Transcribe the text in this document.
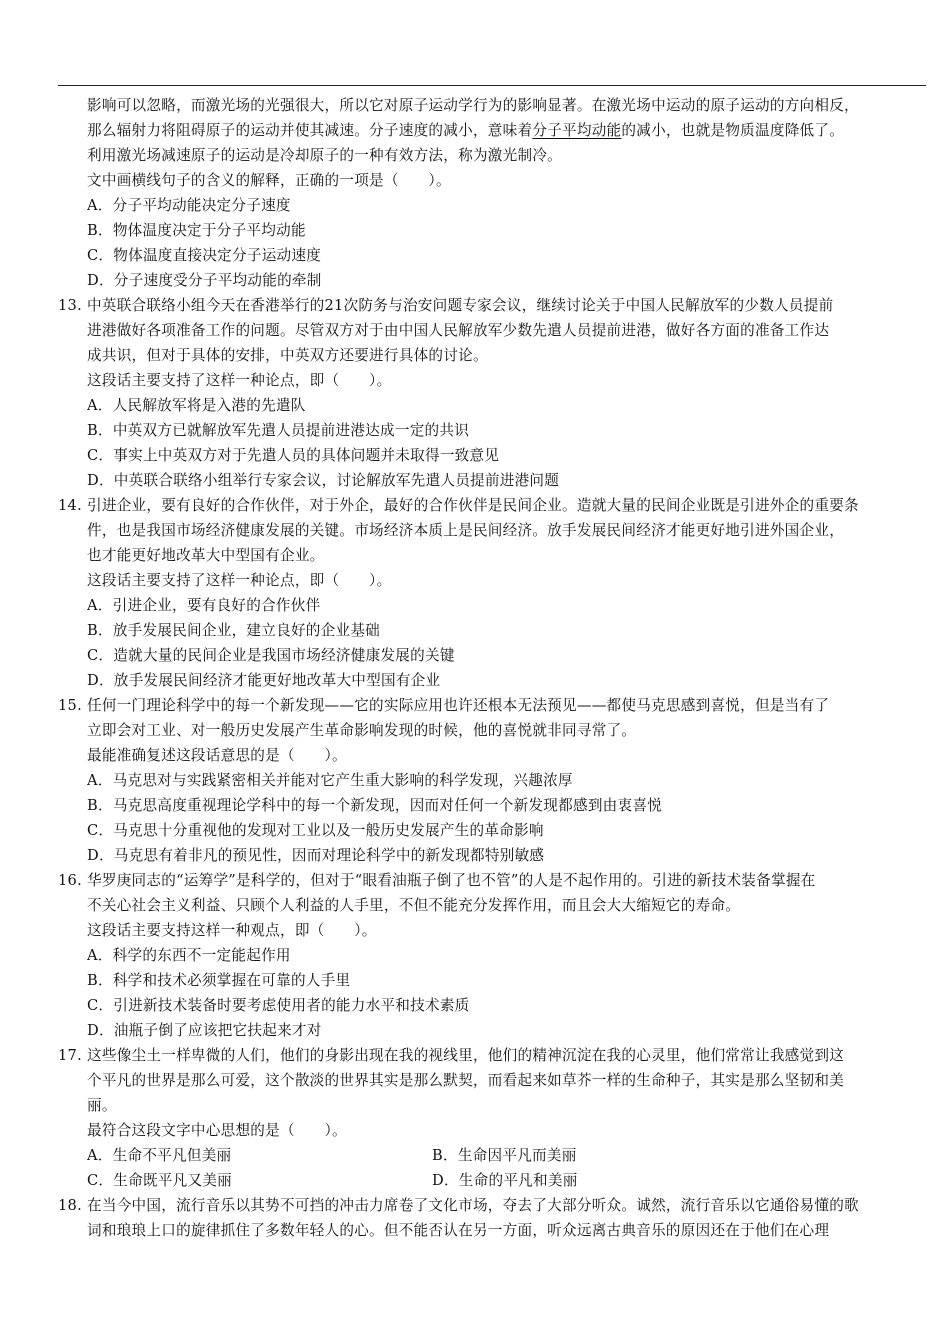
影响可以忽略，而激光场的光强很大，所以它对原子运动学行为的影响显著。在激光场中运动的原子运动的方向相反，
那么辐射力将阻碍原子的运动并使其减速。分子速度的减小，意味着分子平均动能的减小，也就是物质温度降低了。
利用激光场减速原子的运动是冷却原子的一种有效方法，称为激光制冷。
文中画横线句子的含义的解释，正确的一项是（　　）。
A．分子平均动能决定分子速度
B．物体温度决定于分子平均动能
C．物体温度直接决定分子运动速度
D．分子速度受分子平均动能的牵制
13. 中英联合联络小组今天在香港举行的21次防务与治安问题专家会议，继续讨论关于中国人民解放军的少数人员提前
进港做好各项准备工作的问题。尽管双方对于由中国人民解放军少数先遣人员提前进港，做好各方面的准备工作达
成共识，但对于具体的安排，中英双方还要进行具体的讨论。
这段话主要支持了这样一种论点，即（　　）。
A．人民解放军将是入港的先遣队
B．中英双方已就解放军先遣人员提前进港达成一定的共识
C．事实上中英双方对于先遣人员的具体问题并未取得一致意见
D．中英联合联络小组举行专家会议，讨论解放军先遣人员提前进港问题
14. 引进企业，要有良好的合作伙伴，对于外企，最好的合作伙伴是民间企业。造就大量的民间企业既是引进外企的重要条
件，也是我国市场经济健康发展的关键。市场经济本质上是民间经济。放手发展民间经济才能更好地引进外国企业，
也才能更好地改革大中型国有企业。
这段话主要支持了这样一种论点，即（　　）。
A．引进企业，要有良好的合作伙伴
B．放手发展民间企业，建立良好的企业基础
C．造就大量的民间企业是我国市场经济健康发展的关键
D．放手发展民间经济才能更好地改革大中型国有企业
15. 任何一门理论科学中的每一个新发现——它的实际应用也许还根本无法预见——都使马克思感到喜悦，但是当有了
立即会对工业、对一般历史发展产生革命影响发现的时候，他的喜悦就非同寻常了。
最能准确复述这段话意思的是（　　）。
A．马克思对与实践紧密相关并能对它产生重大影响的科学发现，兴趣浓厚
B．马克思高度重视理论学科中的每一个新发现，因而对任何一个新发现都感到由衷喜悦
C．马克思十分重视他的发现对工业以及一般历史发展产生的革命影响
D．马克思有着非凡的预见性，因而对理论科学中的新发现都特别敏感
16. 华罗庚同志的“运筹学”是科学的，但对于“眼看油瓶子倒了也不管”的人是不起作用的。引进的新技术装备掌握在
不关心社会主义利益、只顾个人利益的人手里，不但不能充分发挥作用，而且会大大缩短它的寿命。
这段话主要支持这样一种观点，即（　　）。
A．科学的东西不一定能起作用
B．科学和技术必须掌握在可靠的人手里
C．引进新技术装备时要考虑使用者的能力水平和技术素质
D．油瓶子倒了应该把它扶起来才对
17. 这些像尘土一样卑微的人们，他们的身影出现在我的视线里，他们的精神沉淀在我的心灵里，他们常常让我感觉到这
个平凡的世界是那么可爱，这个散淡的世界其实是那么默契，而看起来如草芥一样的生命种子，其实是那么坚韧和美
丽。
最符合这段文字中心思想的是（　　）。
A．生命不平凡但美丽	B．生命因平凡而美丽
C．生命既平凡又美丽	D．生命的平凡和美丽
18. 在当今中国，流行音乐以其势不可挡的冲击力席卷了文化市场，夺去了大部分听众。诚然，流行音乐以它通俗易懂的歌
词和琅琅上口的旋律抓住了多数年轻人的心。但不能否认在另一方面，听众远离古典音乐的原因还在于他们在心理
